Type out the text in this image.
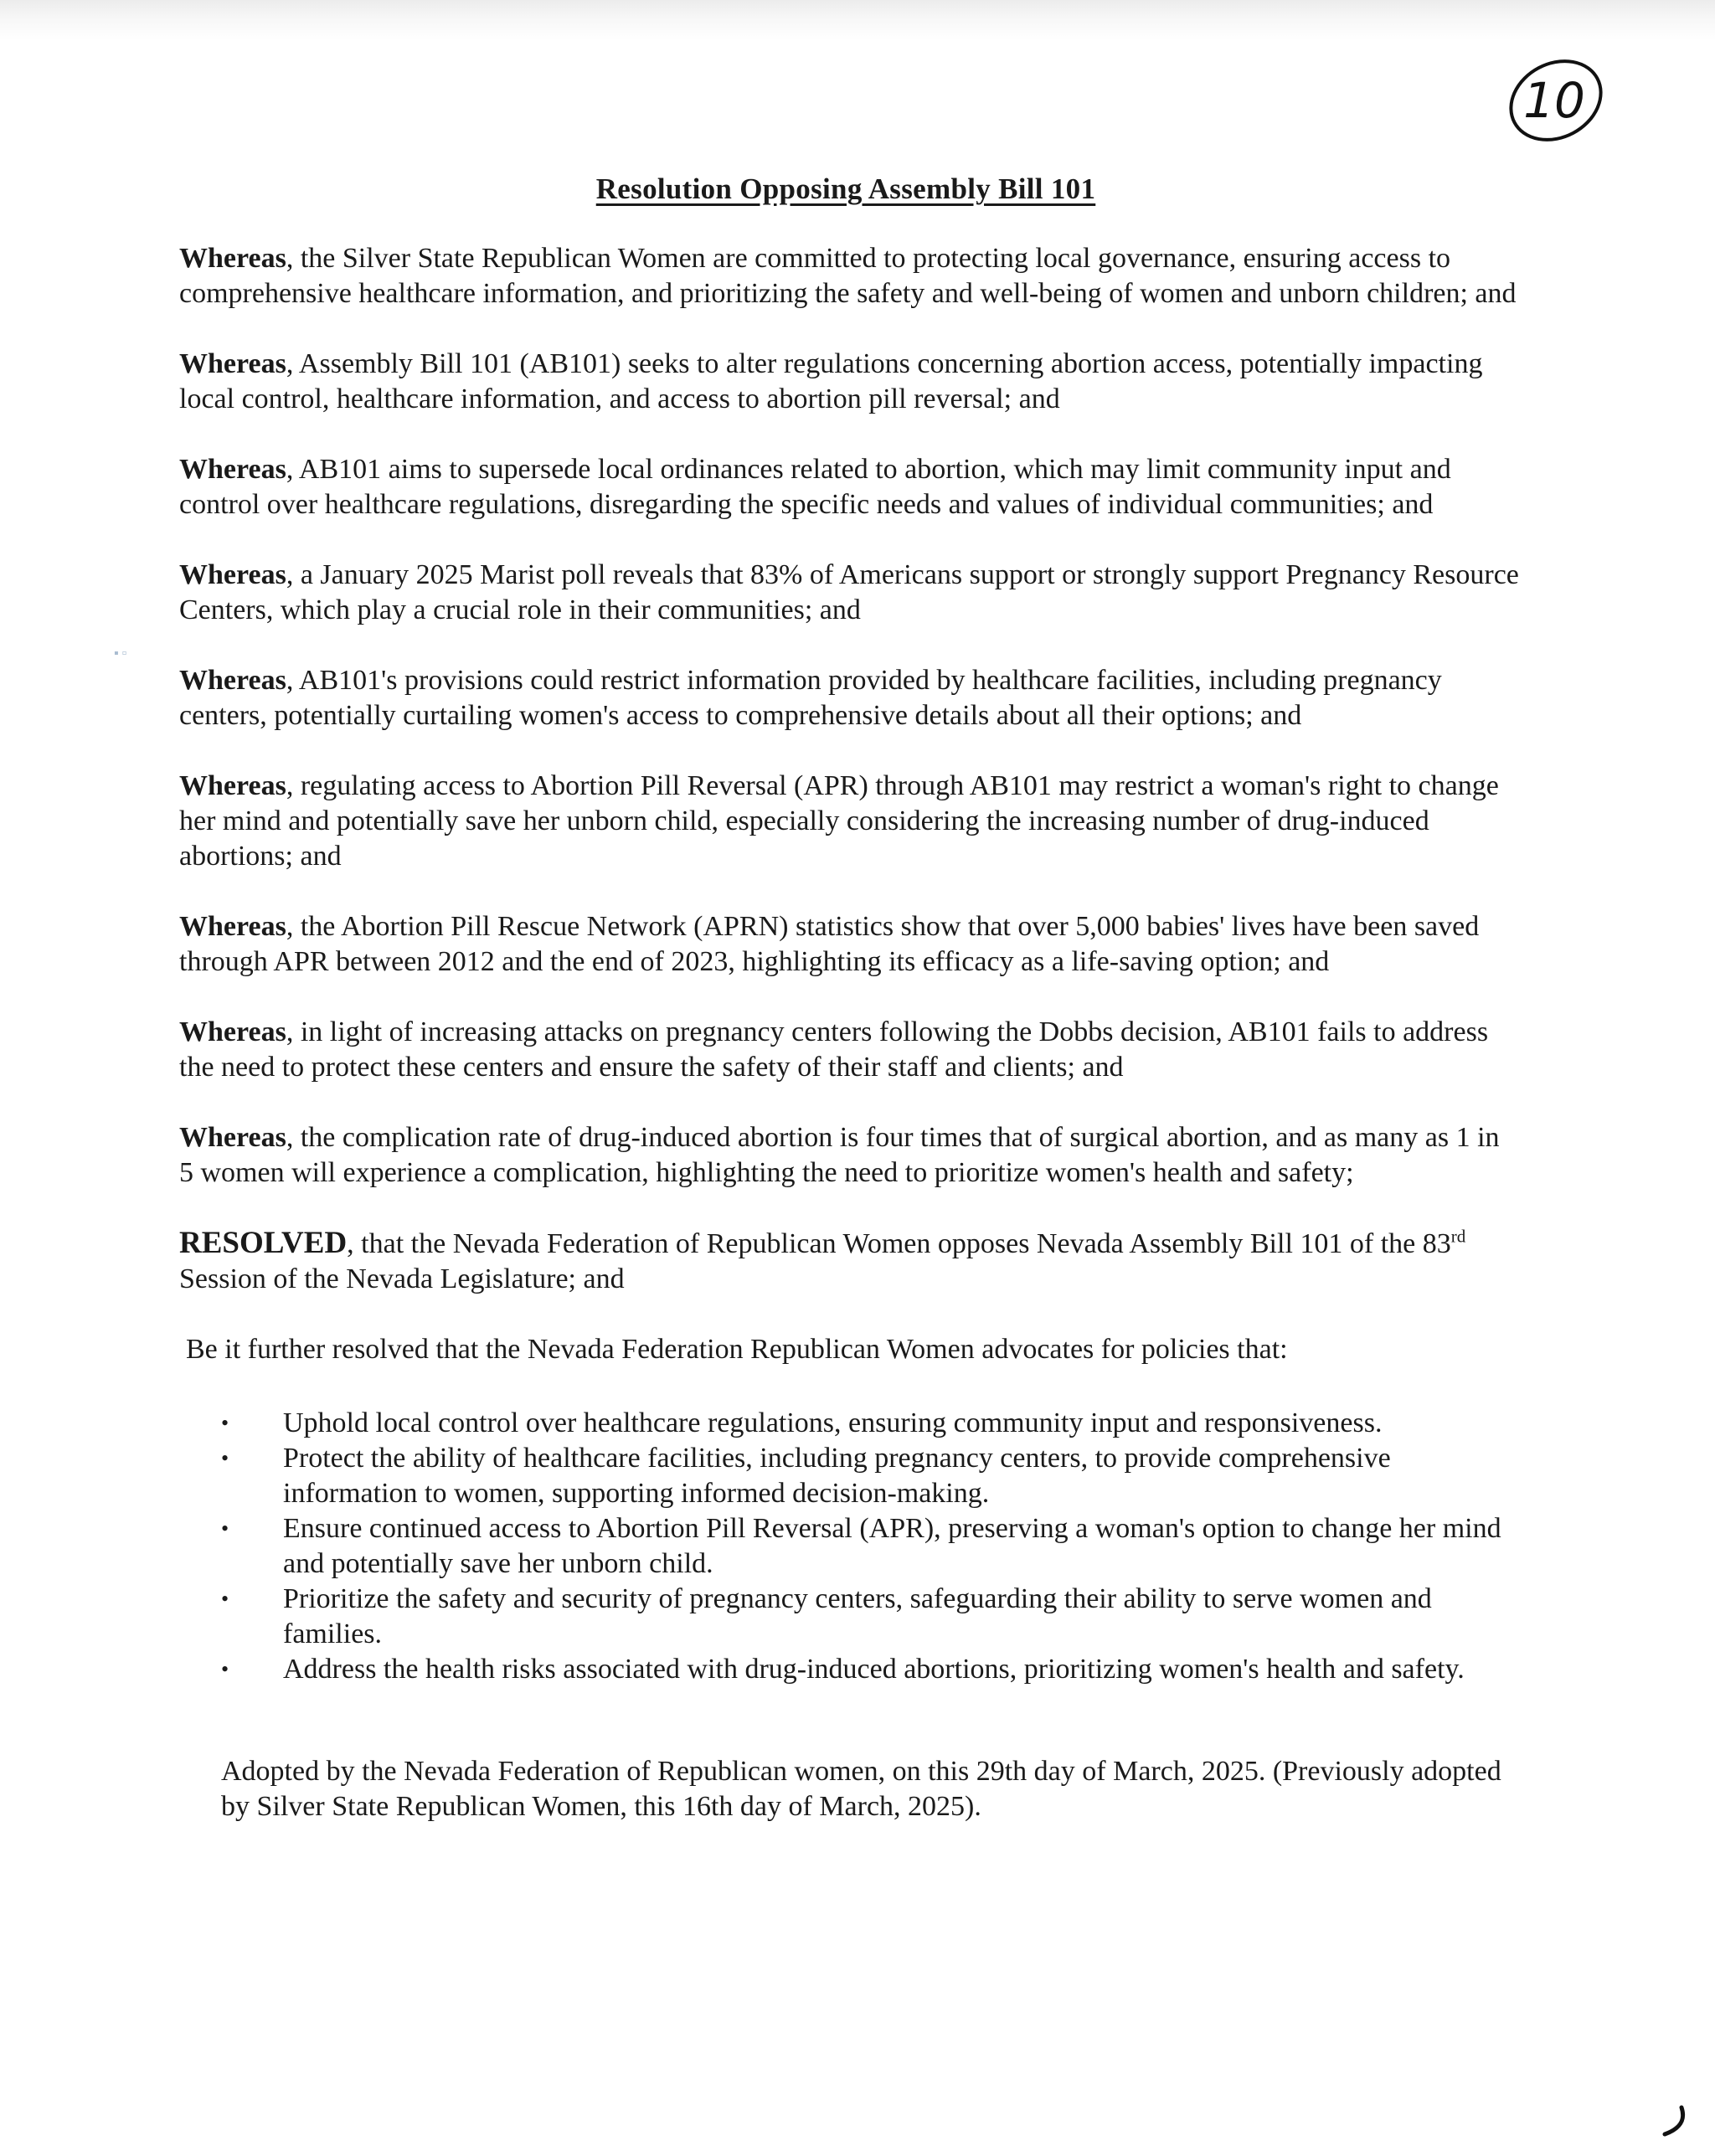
10
Resolution Opposing Assembly Bill 101
▪ ▫

Whereas, the Silver State Republican Women are committed to protecting local governance, ensuring access to comprehensive healthcare information, and prioritizing the safety and well-being of women and unborn children; and

Whereas, Assembly Bill 101 (AB101) seeks to alter regulations concerning abortion access, potentially impacting local control, healthcare information, and access to abortion pill reversal; and

Whereas, AB101 aims to supersede local ordinances related to abortion, which may limit community input and control over healthcare regulations, disregarding the specific needs and values of individual communities; and

Whereas, a January 2025 Marist poll reveals that 83% of Americans support or strongly support Pregnancy Resource Centers, which play a crucial role in their communities; and

Whereas, AB101's provisions could restrict information provided by healthcare facilities, including pregnancy centers, potentially curtailing women's access to comprehensive details about all their options; and

Whereas, regulating access to Abortion Pill Reversal (APR) through AB101 may restrict a woman's right to change her mind and potentially save her unborn child, especially considering the increasing number of drug-induced abortions; and

Whereas, the Abortion Pill Rescue Network (APRN) statistics show that over 5,000 babies' lives have been saved through APR between 2012 and the end of 2023, highlighting its efficacy as a life-saving option; and

Whereas, in light of increasing attacks on pregnancy centers following the Dobbs decision, AB101 fails to address the need to protect these centers and ensure the safety of their staff and clients; and

Whereas, the complication rate of drug-induced abortion is four times that of surgical abortion, and as many as 1 in 5 women will experience a complication, highlighting the need to prioritize women's health and safety;

RESOLVED, that the Nevada Federation of Republican Women opposes Nevada Assembly Bill 101 of the 83rd Session of the Nevada Legislature; and

Be it further resolved that the Nevada Federation Republican Women advocates for policies that:

• Uphold local control over healthcare regulations, ensuring community input and responsiveness.
• Protect the ability of healthcare facilities, including pregnancy centers, to provide comprehensive information to women, supporting informed decision-making.
• Ensure continued access to Abortion Pill Reversal (APR), preserving a woman's option to change her mind and potentially save her unborn child.
• Prioritize the safety and security of pregnancy centers, safeguarding their ability to serve women and families.
• Address the health risks associated with drug-induced abortions, prioritizing women's health and safety.

Adopted by the Nevada Federation of Republican women, on this 29th day of March, 2025. (Previously adopted by Silver State Republican Women, this 16th day of March, 2025).
